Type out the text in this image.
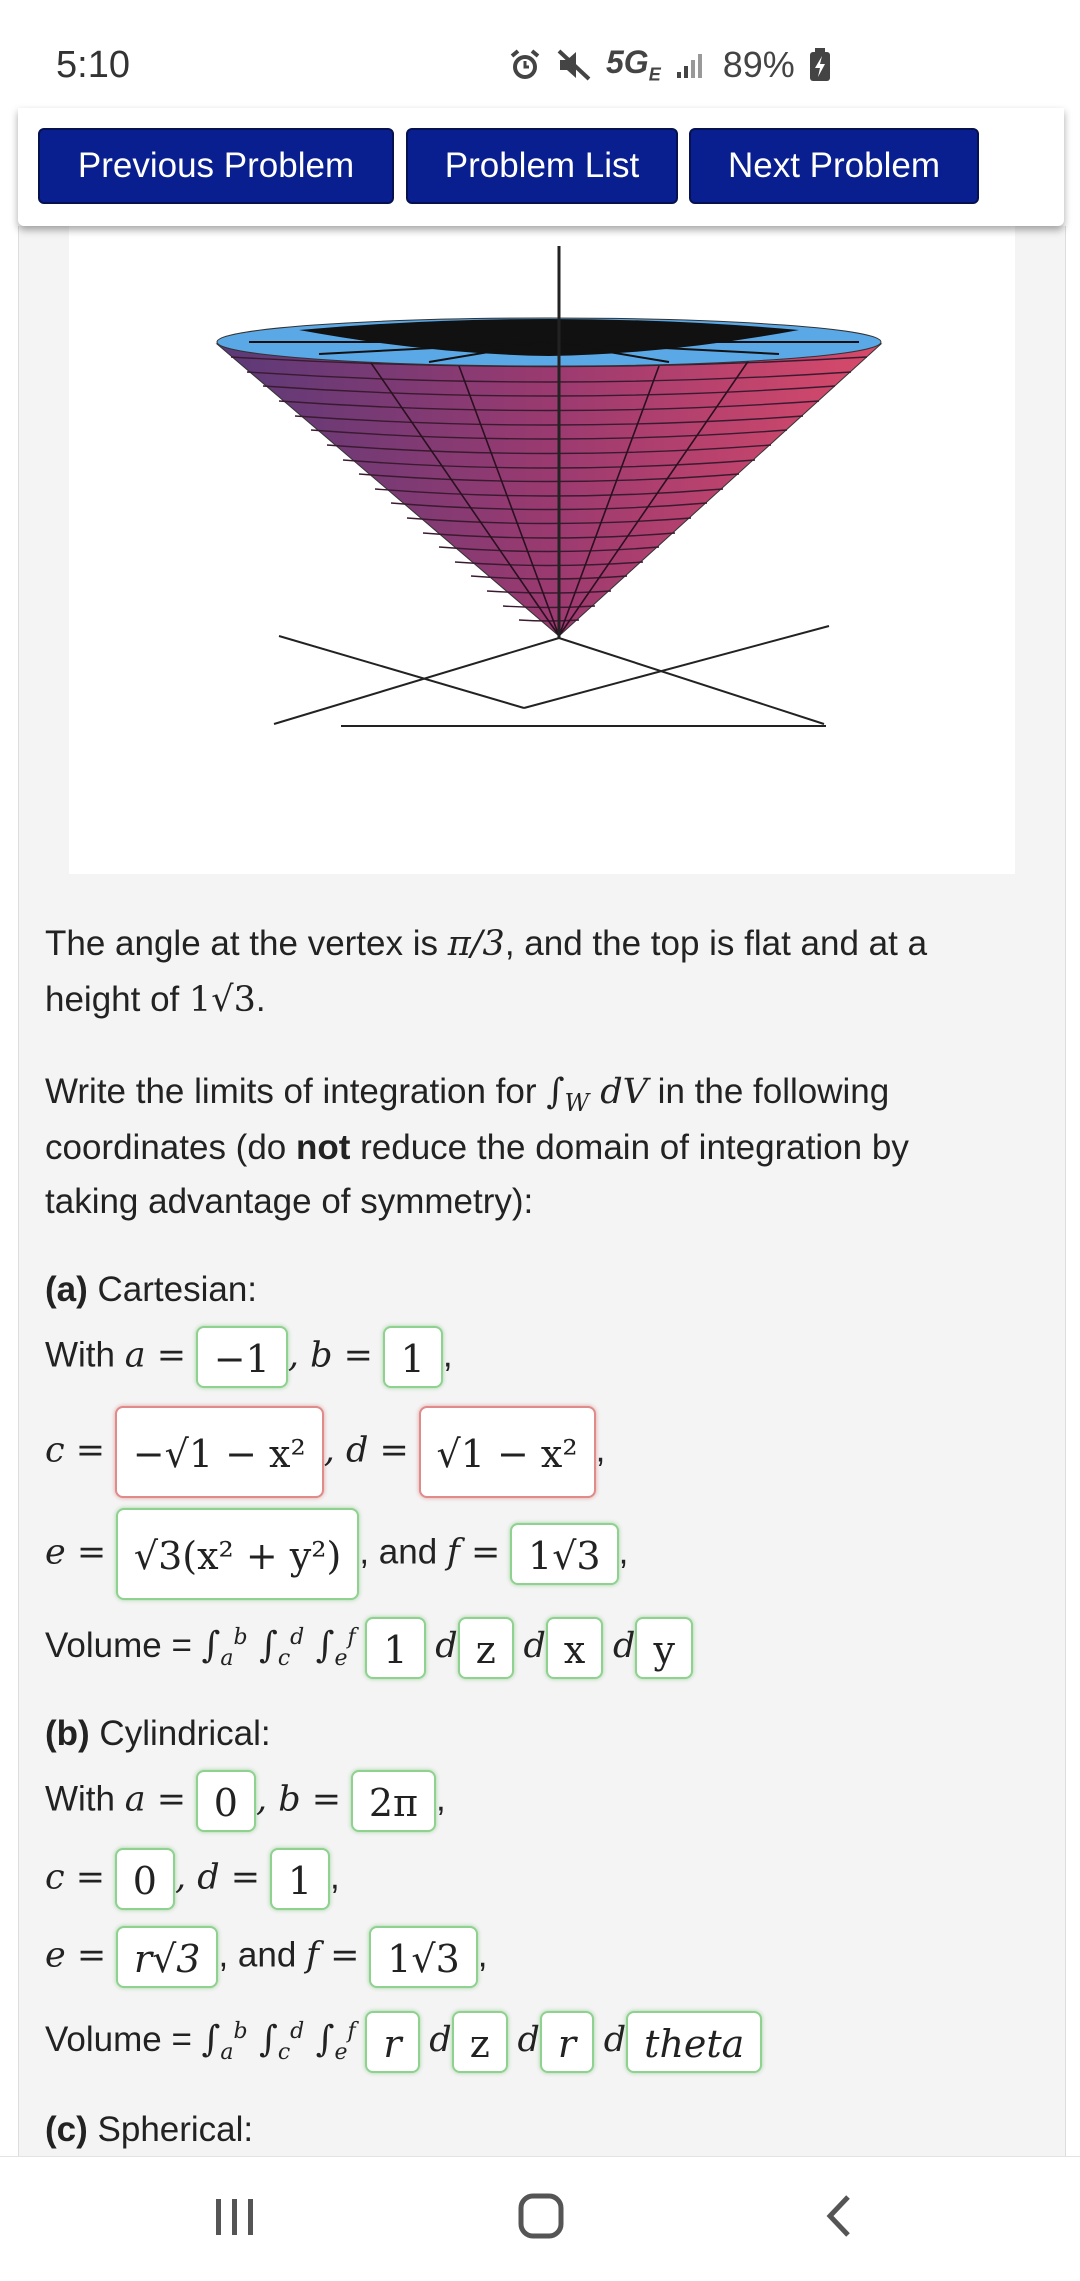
5:10	$5G_E$ 89%
Previous Problem	Problem List	Next Problem
The angle at the vertex is π/3, and the top is flat and at a
height of 1√3.
Write the limits of integration for $\int_W$ dV in the following
coordinates (do not reduce the domain of integration by
taking advantage of symmetry):
(a) Cartesian:
With a = −1 , b = 1 ,
c = −√1 − x² , d = √1 − x² ,
e = √3(x² + y²) , and f = 1√3 ,
Volume = $\int_a^b$ $\int_c^d$ $\int_e^f$ 1 d z d x d y
(b) Cylindrical:
With a = 0 , b = 2π ,
c = 0 , d = 1 ,
e = r√3 , and f = 1√3 ,
Volume = $\int_a^b$ $\int_c^d$ $\int_e^f$ r d z d r d theta
(c) Spherical:
